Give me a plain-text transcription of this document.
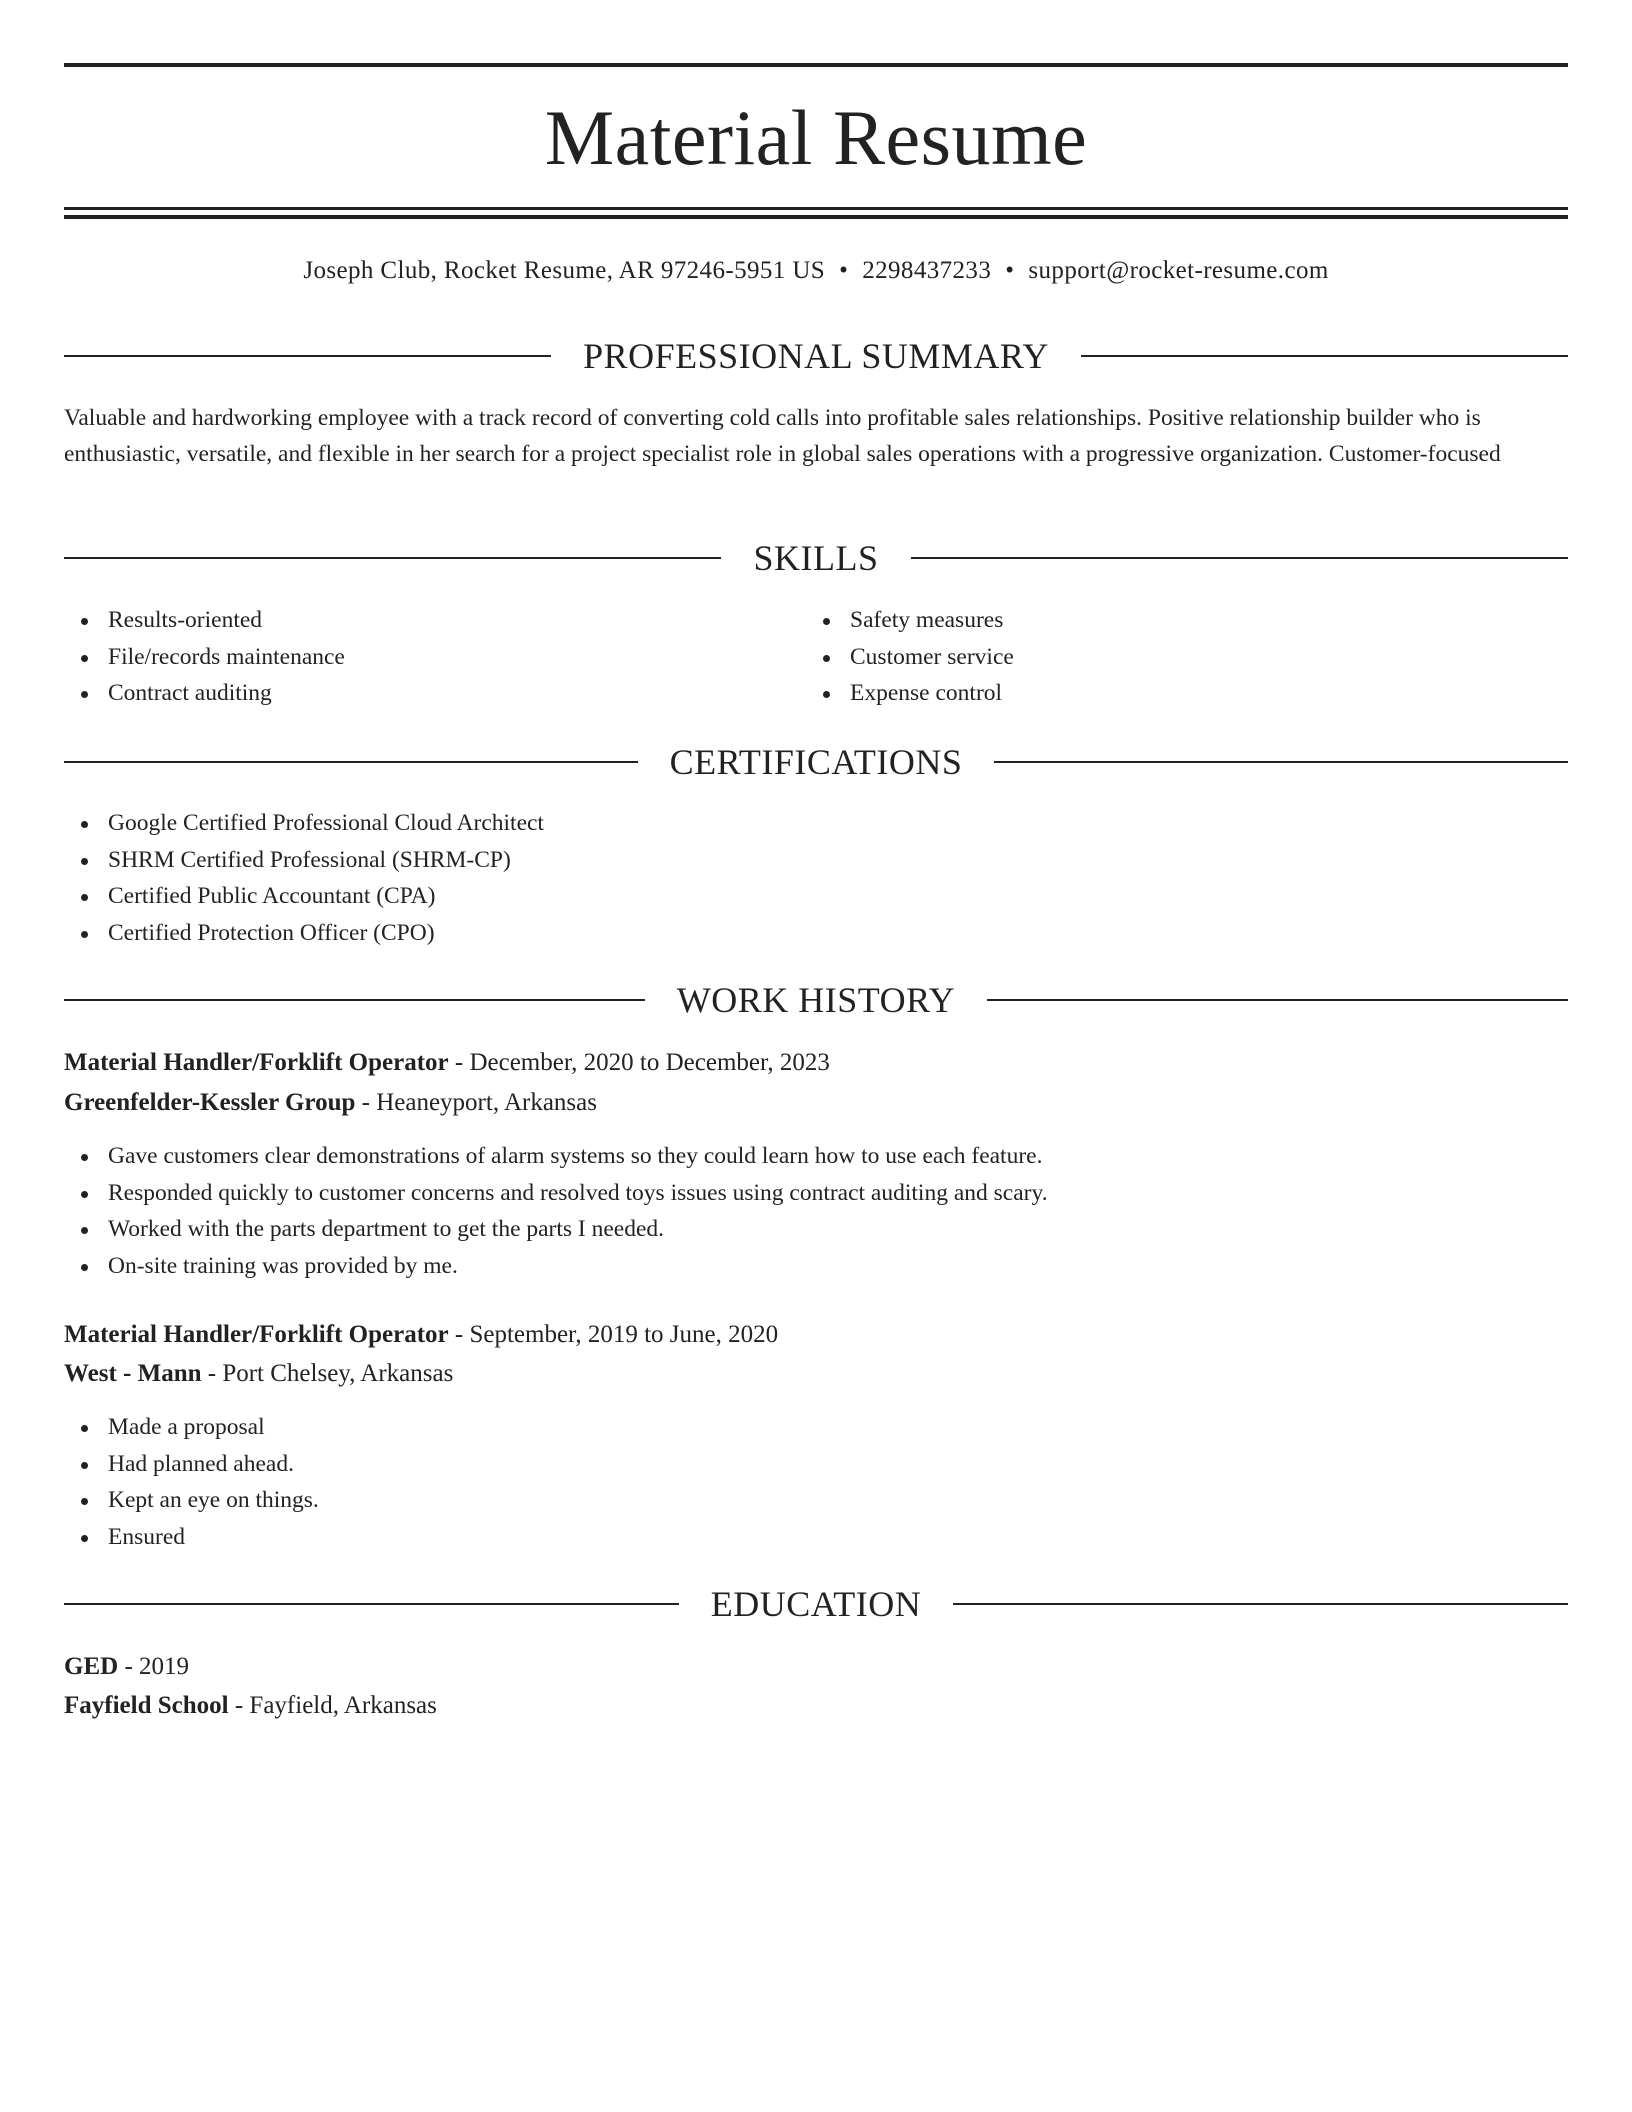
Material Resume
Joseph Club, Rocket Resume, AR 97246-5951 US • 2298437233 • support@rocket-resume.com
PROFESSIONAL SUMMARY
Valuable and hardworking employee with a track record of converting cold calls into profitable sales relationships. Positive relationship builder who is enthusiastic, versatile, and flexible in her search for a project specialist role in global sales operations with a progressive organization. Customer-focused
SKILLS
Results-oriented
File/records maintenance
Contract auditing
Safety measures
Customer service
Expense control
CERTIFICATIONS
Google Certified Professional Cloud Architect
SHRM Certified Professional (SHRM-CP)
Certified Public Accountant (CPA)
Certified Protection Officer (CPO)
WORK HISTORY
Material Handler/Forklift Operator - December, 2020 to December, 2023
Greenfelder-Kessler Group - Heaneyport, Arkansas
Gave customers clear demonstrations of alarm systems so they could learn how to use each feature.
Responded quickly to customer concerns and resolved toys issues using contract auditing and scary.
Worked with the parts department to get the parts I needed.
On-site training was provided by me.
Material Handler/Forklift Operator - September, 2019 to June, 2020
West - Mann - Port Chelsey, Arkansas
Made a proposal
Had planned ahead.
Kept an eye on things.
Ensured
EDUCATION
GED - 2019
Fayfield School - Fayfield, Arkansas
